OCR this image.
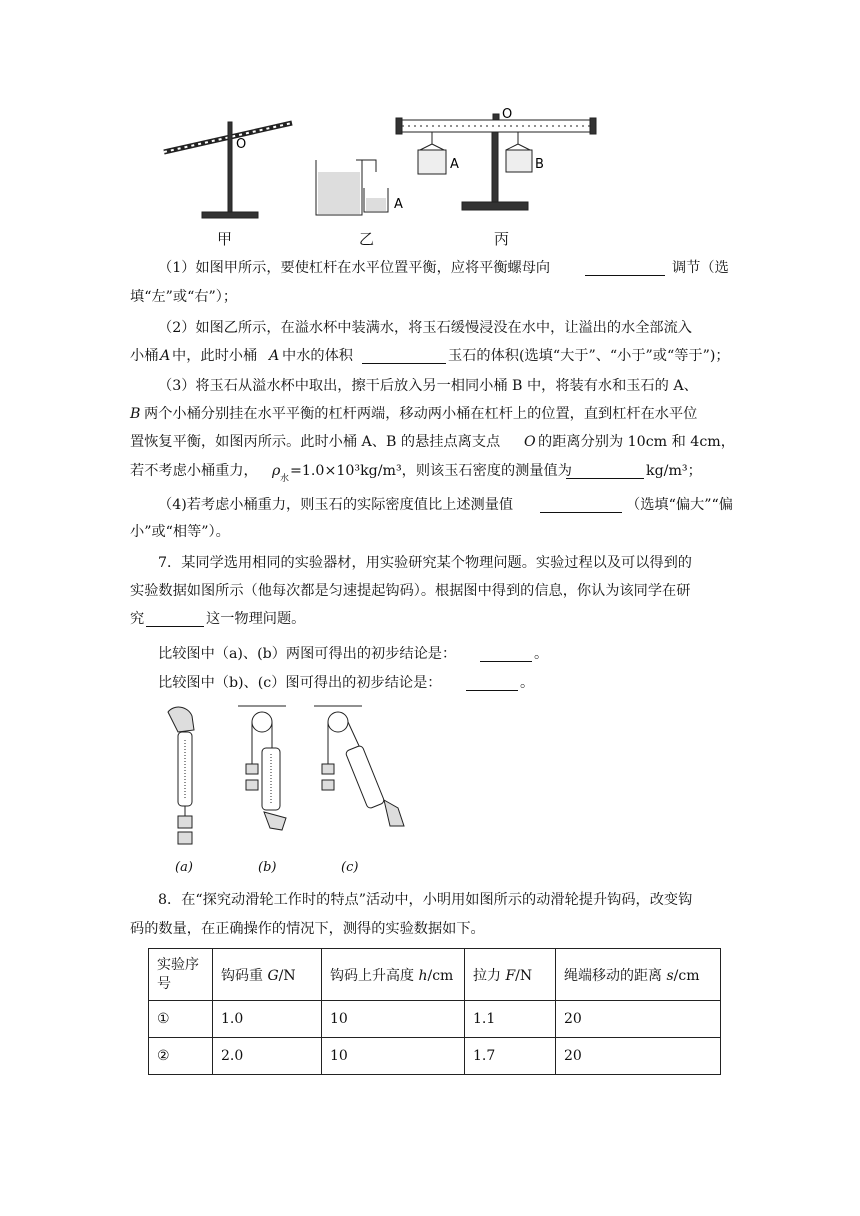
O
A
O
A	B
甲	乙	丙
（1）如图甲所示，要使杠杆在水平位置平衡，应将平衡螺母向	调节（选
填“左”或“右”）；
（2）如图乙所示，在溢水杯中装满水，将玉石缓慢浸没在水中，让溢出的水全部流入
小桶 A 中，此时小桶 A 中水的体积	玉石的体积(选填“大于”、“小于”或“等于”)；
（3）将玉石从溢水杯中取出，擦干后放入另一相同小桶 B 中，将装有水和玉石的 A、
B 两个小桶分别挂在水平平衡的杠杆两端，移动两小桶在杠杆上的位置，直到杠杆在水平位
置恢复平衡，如图丙所示。此时小桶 A、B 的悬挂点离支点 O 的距离分别为 10cm 和 4cm，
若不考虑小桶重力， ρ 水 =1.0×10³kg/m³，则该玉石密度的测量值为	kg/m³；
（4)若考虑小桶重力，则玉石的实际密度值比上述测量值	（选填“偏大”“偏
小”或“相等”）。
7．某同学选用相同的实验器材，用实验研究某个物理问题。实验过程以及可以得到的
实验数据如图所示（他每次都是匀速提起钩码）。根据图中得到的信息，你认为该同学在研
究	这一物理问题。
比较图中（a)、(b）两图可得出的初步结论是：	。
比较图中（b)、(c）图可得出的初步结论是：	。
(a)	(b)	(c)
8．在“探究动滑轮工作时的特点”活动中，小明用如图所示的动滑轮提升钩码，改变钩
码的数量，在正确操作的情况下，测得的实验数据如下。
实验序
号	钩码重 G/N	钩码上升高度 h/cm	拉力 F/N	绳端移动的距离 s/cm
①	1.0	10	1.1	20
②	2.0	10	1.7	20
